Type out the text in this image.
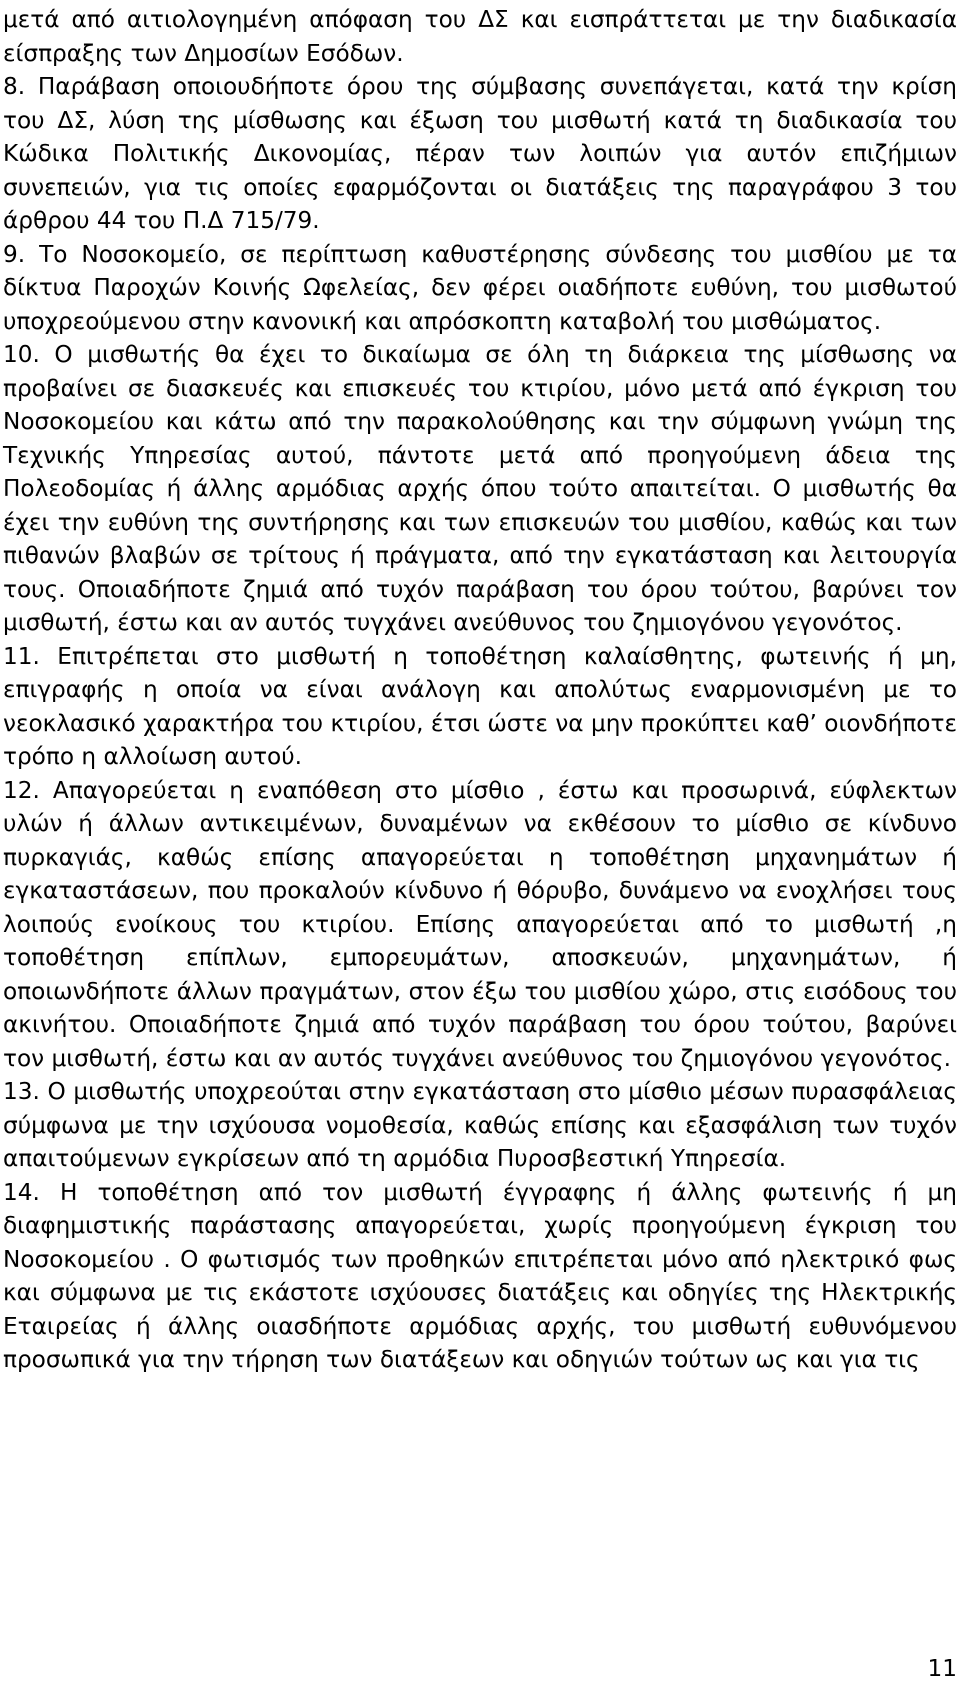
μετά από αιτιολογημένη απόφαση του ΔΣ και εισπράττεται με την διαδικασία είσπραξης των Δημοσίων Εσόδων.

8. Παράβαση οποιουδήποτε όρου της σύμβασης συνεπάγεται, κατά την κρίση του ΔΣ, λύση της μίσθωσης και έξωση του μισθωτή κατά τη διαδικασία του Κώδικα Πολιτικής Δικονομίας, πέραν των λοιπών για αυτόν επιζήμιων συνεπειών, για τις οποίες εφαρμόζονται οι διατάξεις της παραγράφου 3 του άρθρου 44 του Π.Δ 715/79.

9. Το Νοσοκομείο, σε περίπτωση καθυστέρησης σύνδεσης του μισθίου με τα δίκτυα Παροχών Κοινής Ωφελείας, δεν φέρει οιαδήποτε ευθύνη, του μισθωτού υποχρεούμενου στην κανονική και απρόσκοπτη καταβολή του μισθώματος.

10. Ο μισθωτής θα έχει το δικαίωμα σε όλη τη διάρκεια της μίσθωσης να προβαίνει σε διασκευές και επισκευές του κτιρίου, μόνο μετά από έγκριση του Νοσοκομείου και κάτω από την παρακολούθησης και την σύμφωνη γνώμη της Τεχνικής Υπηρεσίας αυτού, πάντοτε μετά από προηγούμενη άδεια της Πολεοδομίας ή άλλης αρμόδιας αρχής όπου τούτο απαιτείται. Ο μισθωτής θα έχει την ευθύνη της συντήρησης και των επισκευών του μισθίου, καθώς και των πιθανών βλαβών σε τρίτους ή πράγματα, από την εγκατάσταση και λειτουργία τους. Οποιαδήποτε ζημιά από τυχόν παράβαση του όρου τούτου, βαρύνει τον μισθωτή, έστω και αν αυτός τυγχάνει ανεύθυνος του ζημιογόνου γεγονότος.

11. Επιτρέπεται στο μισθωτή η τοποθέτηση καλαίσθητης, φωτεινής ή μη, επιγραφής η οποία να είναι ανάλογη και απολύτως εναρμονισμένη με το νεοκλασικό χαρακτήρα του κτιρίου, έτσι ώστε να μην προκύπτει καθ’ οιονδήποτε τρόπο η αλλοίωση αυτού.

12. Απαγορεύεται η εναπόθεση στο μίσθιο , έστω και προσωρινά, εύφλεκτων υλών ή άλλων αντικειμένων, δυναμένων να εκθέσουν το μίσθιο σε κίνδυνο πυρκαγιάς, καθώς επίσης απαγορεύεται η τοποθέτηση μηχανημάτων ή εγκαταστάσεων, που προκαλούν κίνδυνο ή θόρυβο, δυνάμενο να ενοχλήσει τους λοιπούς ενοίκους του κτιρίου. Επίσης απαγορεύεται από το μισθωτή ,η τοποθέτηση επίπλων, εμπορευμάτων, αποσκευών, μηχανημάτων, ή οποιωνδήποτε άλλων πραγμάτων, στον έξω του μισθίου χώρο, στις εισόδους του ακινήτου. Οποιαδήποτε ζημιά από τυχόν παράβαση του όρου τούτου, βαρύνει τον μισθωτή, έστω και αν αυτός τυγχάνει ανεύθυνος του ζημιογόνου γεγονότος.

13. Ο μισθωτής υποχρεούται στην εγκατάσταση στο μίσθιο μέσων πυρασφάλειας σύμφωνα με την ισχύουσα νομοθεσία, καθώς επίσης και εξασφάλιση των τυχόν απαιτούμενων εγκρίσεων από τη αρμόδια Πυροσβεστική Υπηρεσία.

14. Η τοποθέτηση από τον μισθωτή έγγραφης ή άλλης φωτεινής ή μη διαφημιστικής παράστασης απαγορεύεται, χωρίς προηγούμενη έγκριση του Νοσοκομείου . Ο φωτισμός των προθηκών επιτρέπεται μόνο από ηλεκτρικό φως και σύμφωνα με τις εκάστοτε ισχύουσες διατάξεις και οδηγίες της Ηλεκτρικής Εταιρείας ή άλλης οιασδήποτε αρμόδιας αρχής, του μισθωτή ευθυνόμενου προσωπικά για την τήρηση των διατάξεων και οδηγιών τούτων ως και για τις

11
